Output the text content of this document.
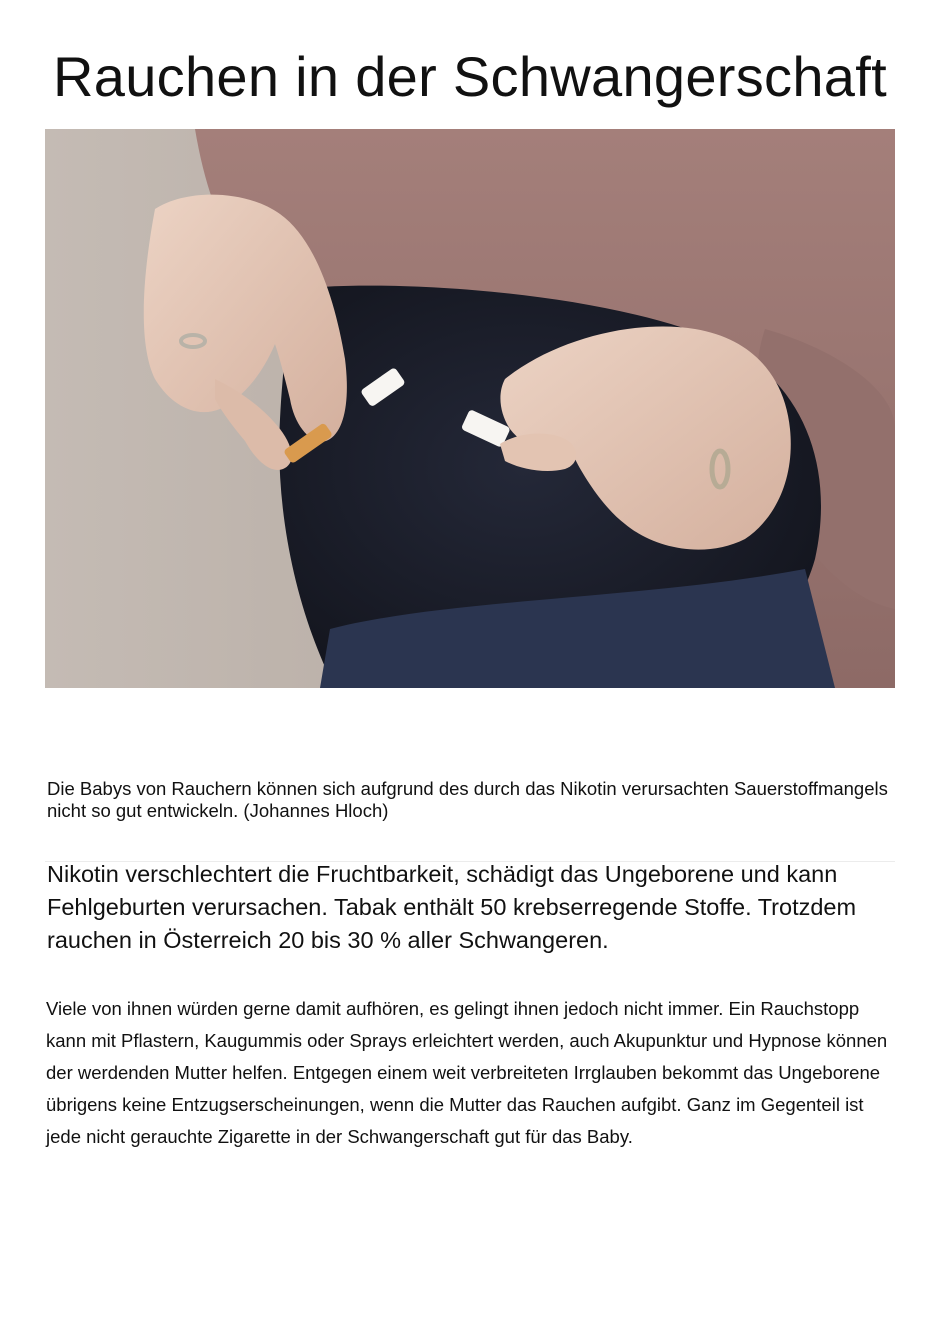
Rauchen in der Schwangerschaft

Die Babys von Rauchern können sich aufgrund des durch das Nikotin verursachten Sauerstoffmangels nicht so gut entwickeln. (Johannes Hloch)

Nikotin verschlechtert die Fruchtbarkeit, schädigt das Ungeborene und kann Fehlgeburten verursachen. Tabak enthält 50 krebserregende Stoffe. Trotzdem rauchen in Österreich 20 bis 30 % aller Schwangeren.

Viele von ihnen würden gerne damit aufhören, es gelingt ihnen jedoch nicht immer. Ein Rauchstopp kann mit Pflastern, Kaugummis oder Sprays erleichtert werden, auch Akupunktur und Hypnose können der werdenden Mutter helfen. Entgegen einem weit verbreiteten Irrglauben bekommt das Ungeborene übrigens keine Entzugserscheinungen, wenn die Mutter das Rauchen aufgibt. Ganz im Gegenteil ist jede nicht gerauchte Zigarette in der Schwangerschaft gut für das Baby.
